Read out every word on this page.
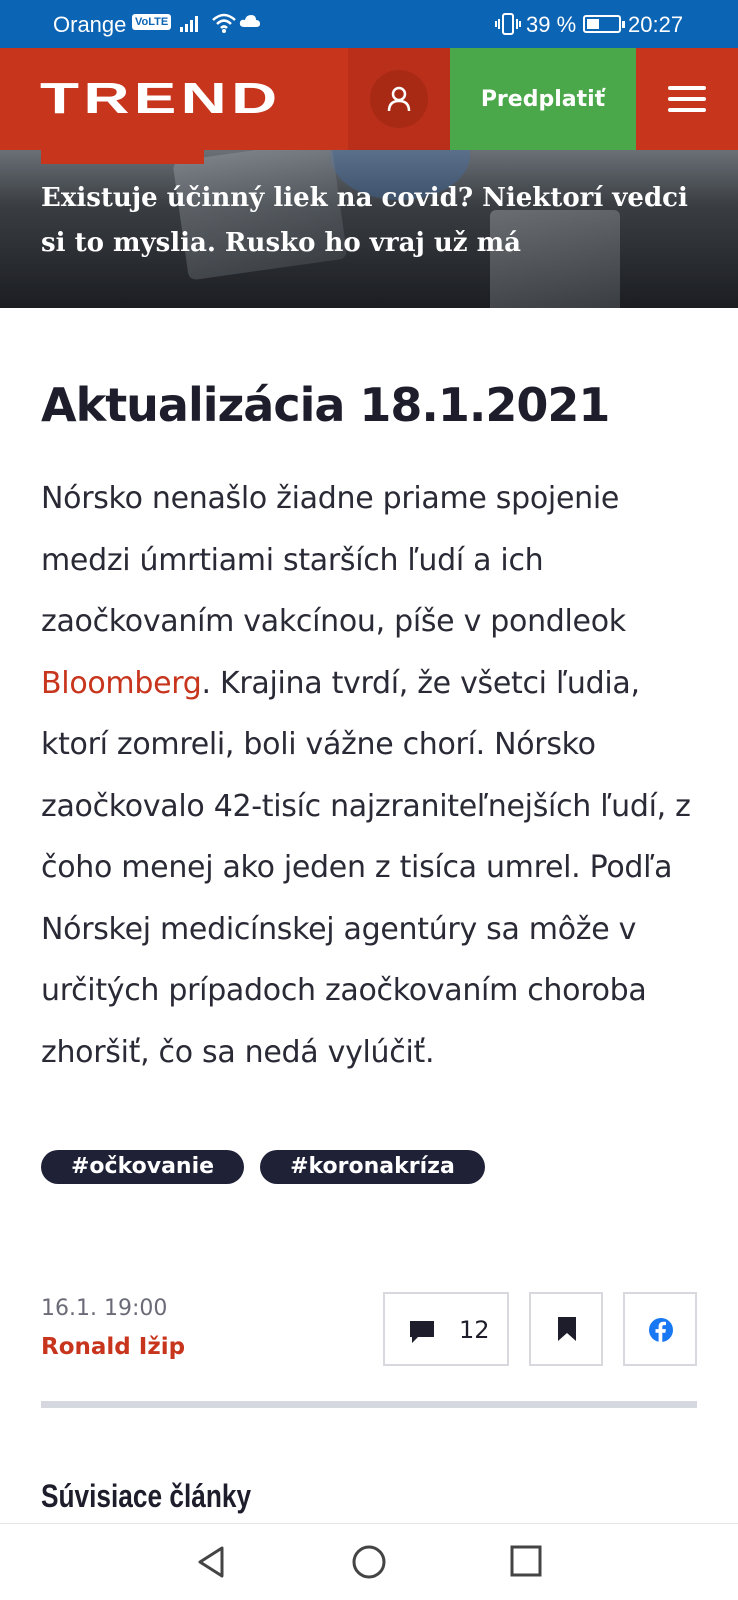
Orange VoLTE	39 % 20:27
TREND	Predplatiť
Existuje účinný liek na covid? Niektorí vedci si to myslia. Rusko ho vraj už má
Aktualizácia 18.1.2021

Nórsko nenašlo žiadne priame spojenie medzi úmrtiami starších ľudí a ich zaočkovaním vakcínou, píše v pondleok Bloomberg. Krajina tvrdí, že všetci ľudia, ktorí zomreli, boli vážne chorí. Nórsko zaočkovalo 42-tisíc najzraniteľnejších ľudí, z čoho menej ako jeden z tisíca umrel. Podľa Nórskej medicínskej agentúry sa môže v určitých prípadoch zaočkovaním choroba zhoršiť, čo sa nedá vylúčiť.

#očkovanie	#koronakríza
16.1. 19:00
Ronald Ižip
12
Súvisiace články
